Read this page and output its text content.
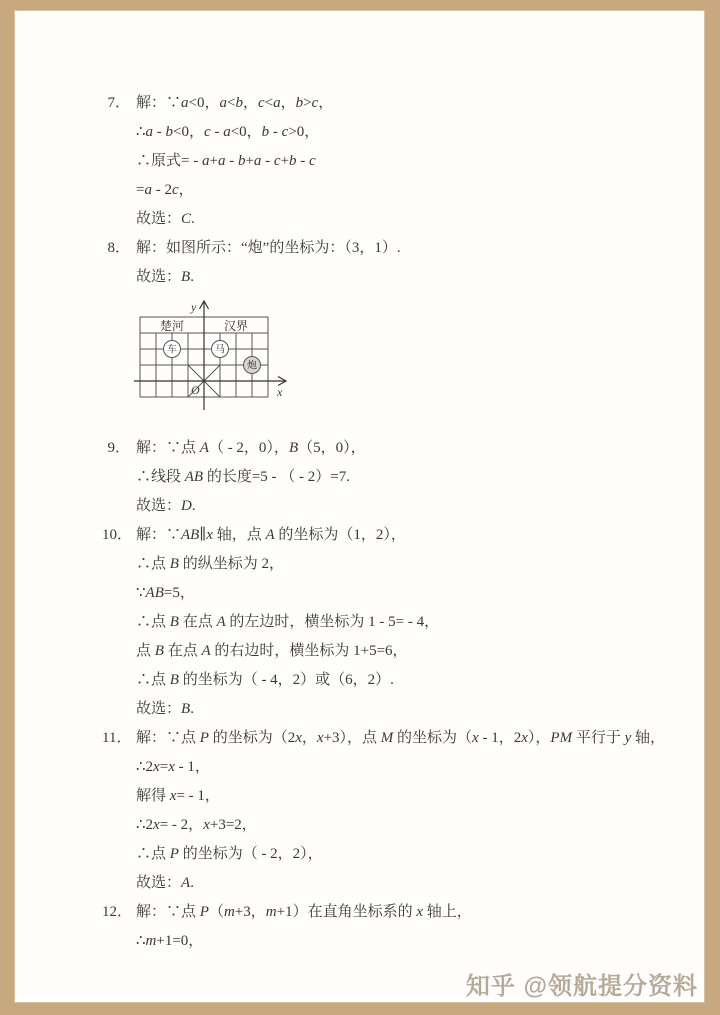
7． 解：∵a<0，a<b，c<a，b>c，
∴a - b<0，c - a<0，b - c>0，
∴原式= - a+a - b+a - c+b - c
=a - 2c，
故选：C.
8． 解：如图所示：“炮”的坐标为：（3，1）.
故选：B.
y
x
O
楚河	汉界
车	马
炮
9． 解：∵点 A（ - 2，0），B（5，0），
∴线段 AB 的长度=5 - （ - 2）=7.
故选：D.
10． 解：∵AB∥x 轴，点 A 的坐标为（1，2），
∴点 B 的纵坐标为 2，
∵AB=5，
∴点 B 在点 A 的左边时，横坐标为 1 - 5= - 4，
点 B 在点 A 的右边时，横坐标为 1+5=6，
∴点 B 的坐标为（ - 4，2）或（6，2）.
故选：B.
11． 解：∵点 P 的坐标为（2x，x+3），点 M 的坐标为（x - 1，2x），PM 平行于 y 轴，
∴2x=x - 1，
解得 x= - 1，
∴2x= - 2，x+3=2，
∴点 P 的坐标为（ - 2，2），
故选：A.
12． 解：∵点 P（m+3，m+1）在直角坐标系的 x 轴上，
∴m+1=0，
知乎 @领航提分资料
